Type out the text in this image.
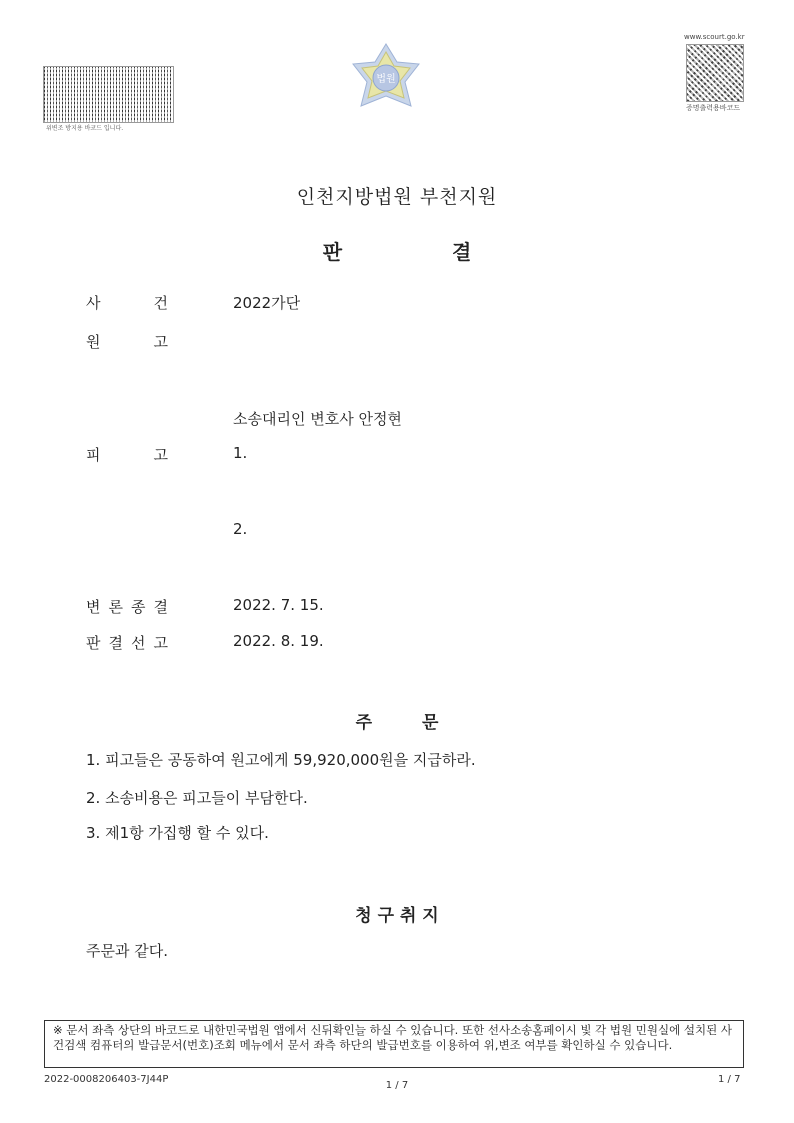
위변조 방지용 바코드 입니다.
법원
www.scourt.go.kr
증명출력용바코드
인천지방법원 부천지원
판	결
사	건	2022가단
원	고
소송대리인 변호사 안정현
피	고	1.
2.
변 론 종 결	2022. 7. 15.
판 결 선 고	2022. 8. 19.
주	문
1. 피고들은 공동하여 원고에게 59,920,000원을 지급하라.
2. 소송비용은 피고들이 부담한다.
3. 제1항 가집행 할 수 있다.
청 구 취 지
주문과 같다.
※ 문서 좌측 상단의 바코드로 내한민국법원 앱에서 신뒤확인늘 하실 수 있습니다. 또한 선사소송홈페이시 빛 각 법원 민원실에 설치된 사건검색 컴퓨터의 발급문서(번호)조회 메뉴에서 문서 좌측 하단의 발급번호를 이용하여 위,변조 여부를 확인하실 수 있습니다.
2022-0008206403-7J44P
1 / 7
1 / 7
